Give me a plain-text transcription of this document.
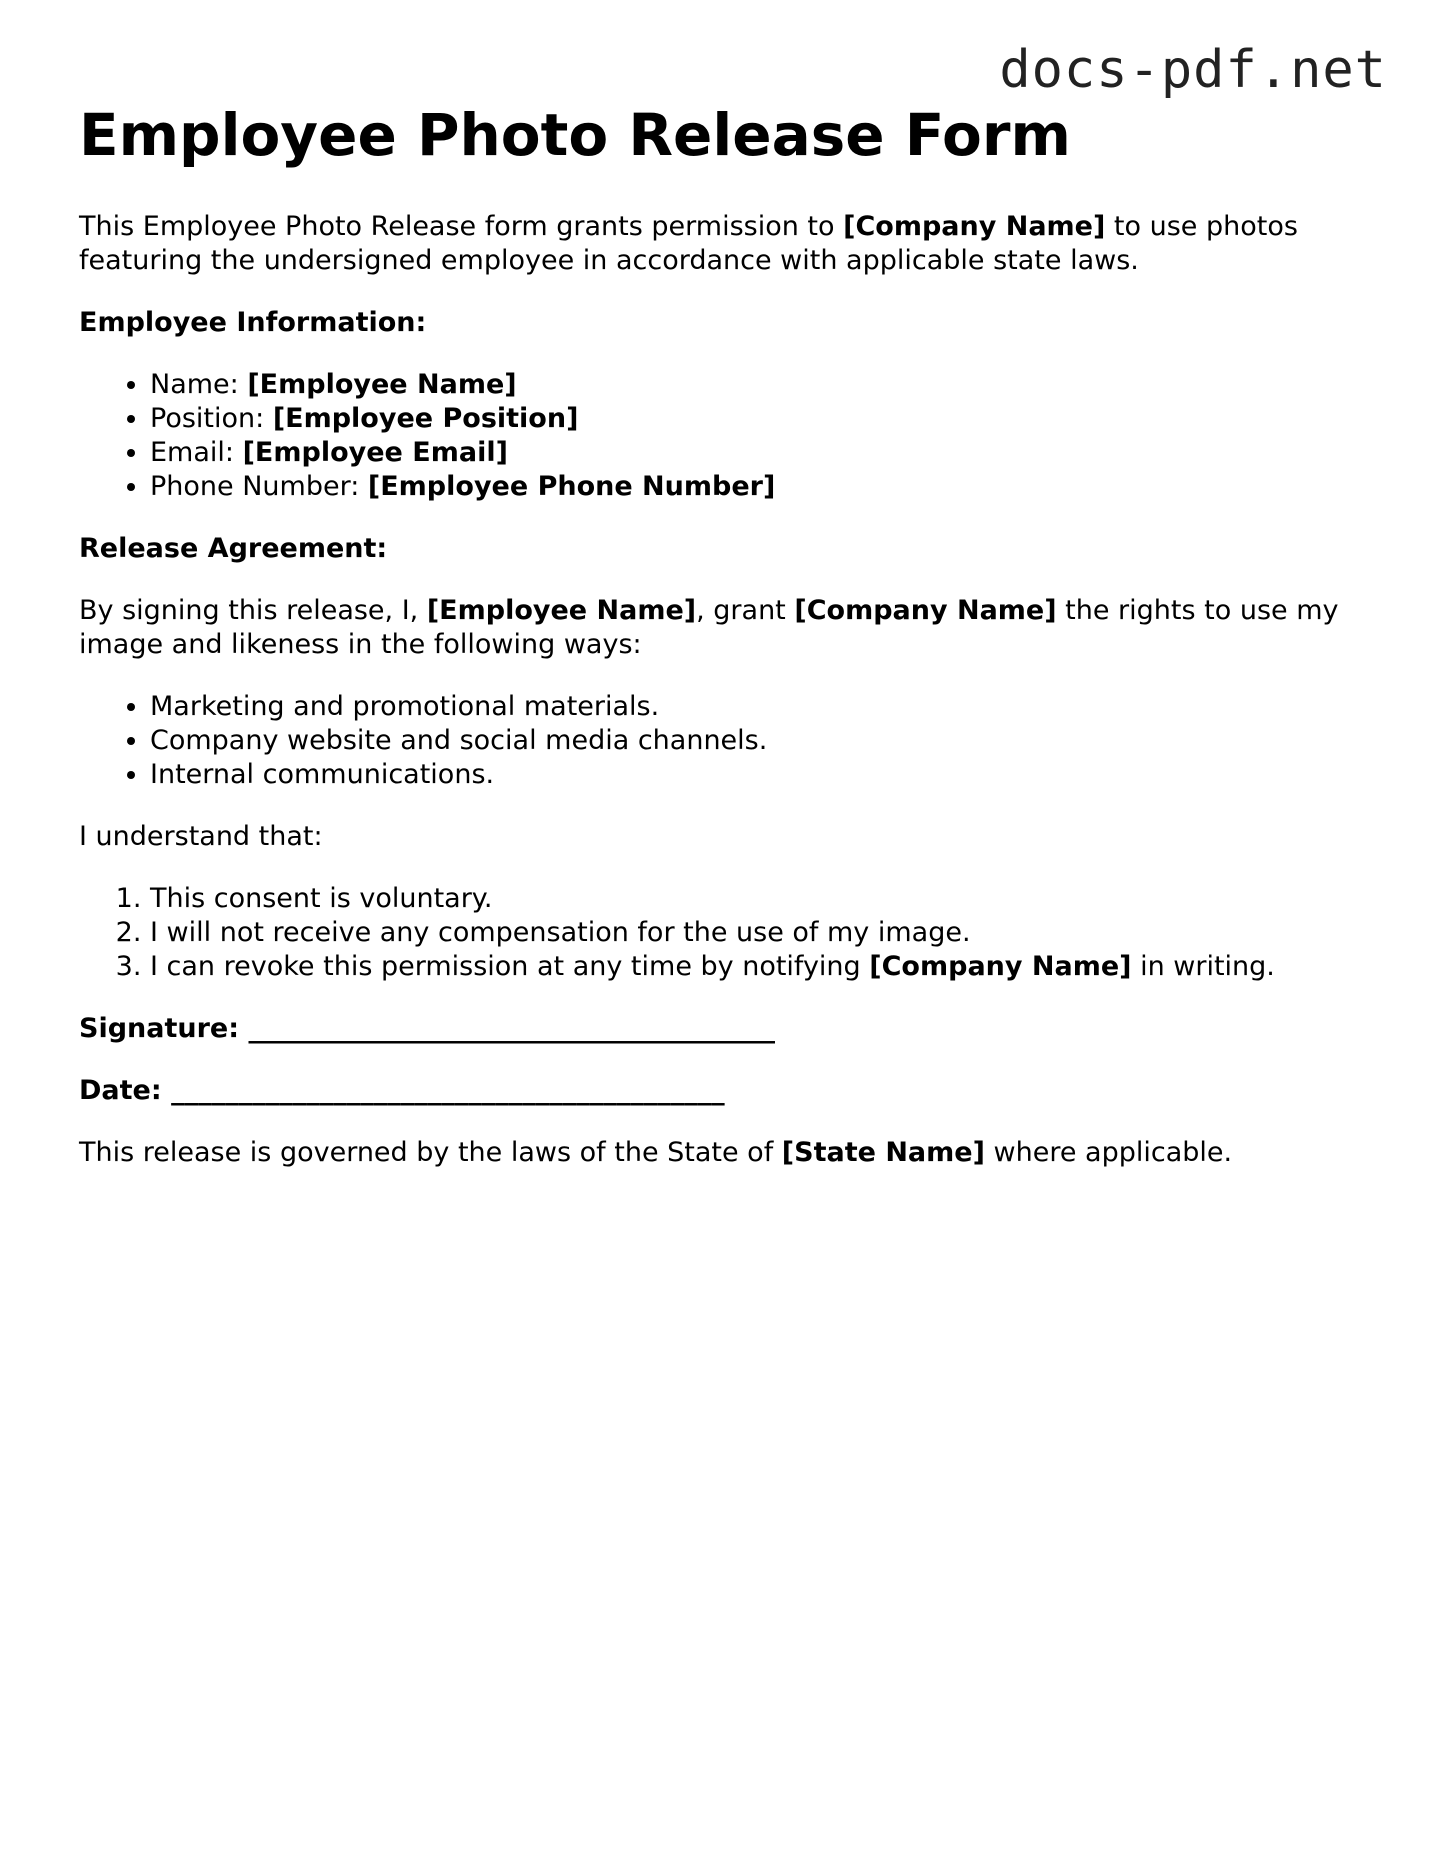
docs-pdf.net
Employee Photo Release Form

This Employee Photo Release form grants permission to [Company Name] to use photos featuring the undersigned employee in accordance with applicable state laws.

Employee Information:
• Name: [Employee Name]
• Position: [Employee Position]
• Email: [Employee Email]
• Phone Number: [Employee Phone Number]
Release Agreement:

By signing this release, I, [Employee Name], grant [Company Name] the rights to use my image and likeness in the following ways:

• Marketing and promotional materials.
• Company website and social media channels.
• Internal communications.

I understand that:

1. This consent is voluntary.
2. I will not receive any compensation for the use of my image.
3. I can revoke this permission at any time by notifying [Company Name] in writing.
Signature: _______________________________________
Date: _________________________________________

This release is governed by the laws of the State of [State Name] where applicable.
